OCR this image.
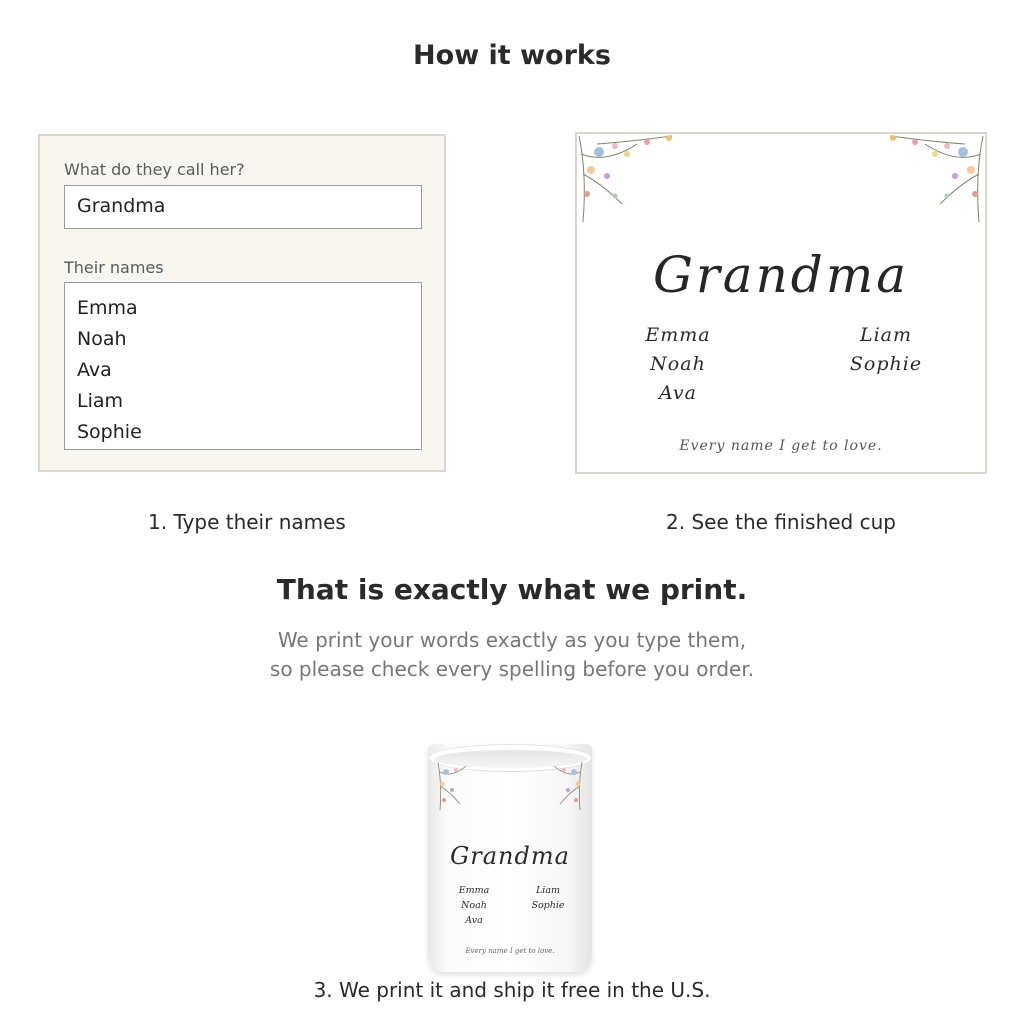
How it works
What do they call her?
Grandma
Their names
Emma
Noah
Ava
Liam
Sophie
Grandma
Emma
Noah
Ava
Liam
Sophie
Every name I get to love.
1. Type their names	2. See the finished cup
That is exactly what we print.
We print your words exactly as you type them,
so please check every spelling before you order.
Grandma
Emma
Noah
Ava
Liam
Sophie
Every name I get to love.
3. We print it and ship it free in the U.S.
